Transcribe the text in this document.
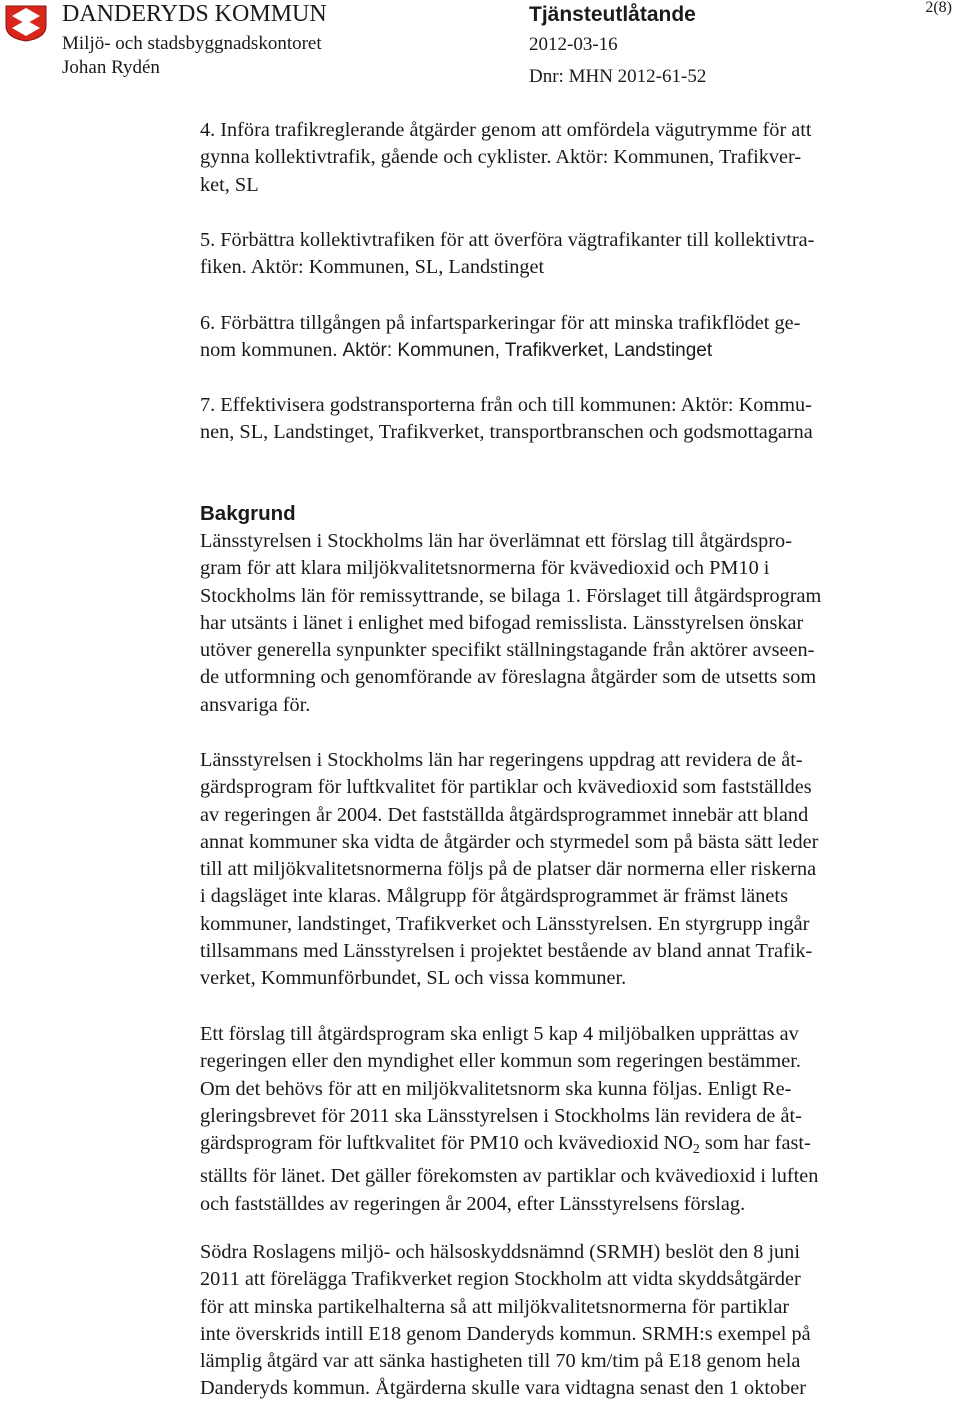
DANDERYDS KOMMUN
Miljö- och stadsbyggnadskontoret
Johan Rydén
Tjänsteutlåtande
2012-03-16
Dnr: MHN 2012-61-52
2(8)
4. Införa trafikreglerande åtgärder genom att omfördela vägutrymme för att
gynna kollektivtrafik, gående och cyklister. Aktör: Kommunen, Trafikver-
ket, SL
5. Förbättra kollektivtrafiken för att överföra vägtrafikanter till kollektivtra-
fiken. Aktör: Kommunen, SL, Landstinget
6. Förbättra tillgången på infartsparkeringar för att minska trafikflödet ge-
nom kommunen. Aktör: Kommunen, Trafikverket, Landstinget
7. Effektivisera godstransporterna från och till kommunen: Aktör: Kommu-
nen, SL, Landstinget, Trafikverket, transportbranschen och godsmottagarna
Bakgrund
Länsstyrelsen i Stockholms län har överlämnat ett förslag till åtgärdspro-
gram för att klara miljökvalitetsnormerna för kvävedioxid och PM10 i
Stockholms län för remissyttrande, se bilaga 1. Förslaget till åtgärdsprogram
har utsänts i länet i enlighet med bifogad remisslista. Länsstyrelsen önskar
utöver generella synpunkter specifikt ställningstagande från aktörer avseen-
de utformning och genomförande av föreslagna åtgärder som de utsetts som
ansvariga för.
Länsstyrelsen i Stockholms län har regeringens uppdrag att revidera de åt-
gärdsprogram för luftkvalitet för partiklar och kvävedioxid som fastställdes
av regeringen år 2004. Det fastställda åtgärdsprogrammet innebär att bland
annat kommuner ska vidta de åtgärder och styrmedel som på bästa sätt leder
till att miljökvalitetsnormerna följs på de platser där normerna eller riskerna
i dagsläget inte klaras. Målgrupp för åtgärdsprogrammet är främst länets
kommuner, landstinget, Trafikverket och Länsstyrelsen. En styrgrupp ingår
tillsammans med Länsstyrelsen i projektet bestående av bland annat Trafik-
verket, Kommunförbundet, SL och vissa kommuner.
Ett förslag till åtgärdsprogram ska enligt 5 kap 4 miljöbalken upprättas av
regeringen eller den myndighet eller kommun som regeringen bestämmer.
Om det behövs för att en miljökvalitetsnorm ska kunna följas. Enligt Re-
gleringsbrevet för 2011 ska Länsstyrelsen i Stockholms län revidera de åt-
gärdsprogram för luftkvalitet för PM10 och kvävedioxid $NO_2$ som har fast-
ställts för länet. Det gäller förekomsten av partiklar och kvävedioxid i luften
och fastställdes av regeringen år 2004, efter Länsstyrelsens förslag.
Södra Roslagens miljö- och hälsoskyddsnämnd (SRMH) beslöt den 8 juni
2011 att förelägga Trafikverket region Stockholm att vidta skyddsåtgärder
för att minska partikelhalterna så att miljökvalitetsnormerna för partiklar
inte överskrids intill E18 genom Danderyds kommun. SRMH:s exempel på
lämplig åtgärd var att sänka hastigheten till 70 km/tim på E18 genom hela
Danderyds kommun. Åtgärderna skulle vara vidtagna senast den 1 oktober
